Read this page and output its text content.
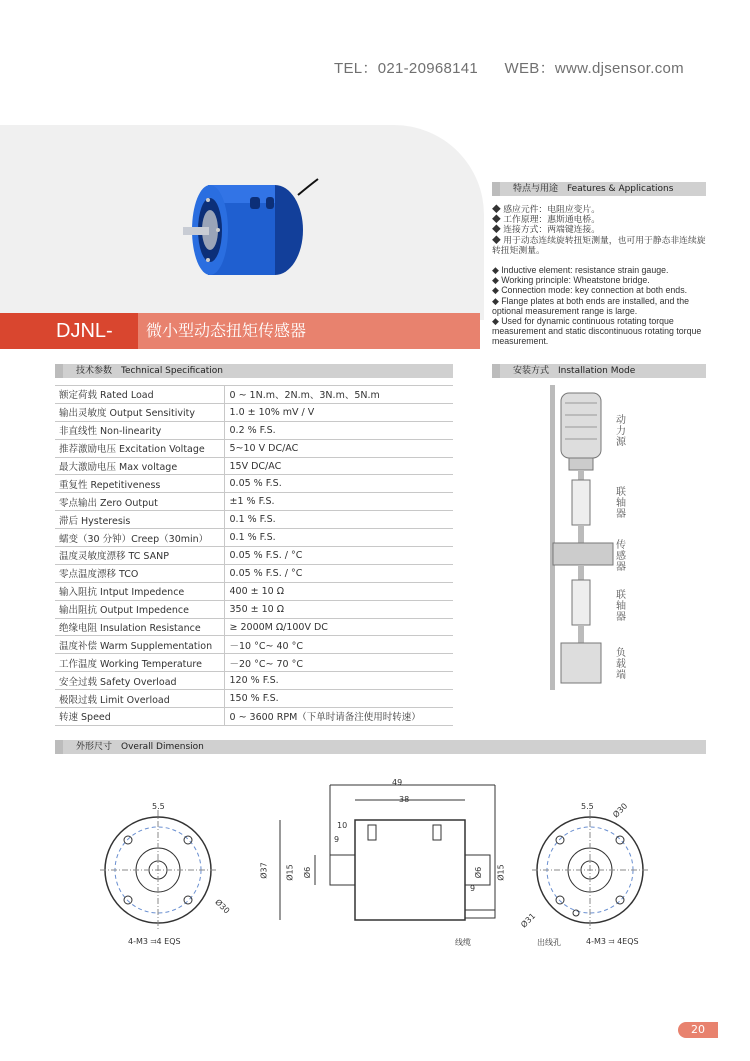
TEL：021-20968141 WEB：www.djsensor.com
DJNL-	微小型动态扭矩传感器
特点与用途　Features & Applications

◆ 感应元件：电阻应变片。

◆ 工作原理：惠斯通电桥。

◆ 连接方式：两端键连接。

◆ 用于动态连续旋转扭矩测量，也可用于静态非连续旋转扭矩测量。

◆ Inductive element: resistance strain gauge.

◆ Working principle: Wheatstone bridge.

◆ Connection mode: key connection at both ends.

◆ Flange plates at both ends are installed, and the optional measurement range is large.

◆ Used for dynamic continuous rotating torque measurement and static discontinuous rotating torque measurement.

技术参数　Technical Specification
额定荷载 Rated Load	0 ~ 1N.m、2N.m、3N.m、5N.m
输出灵敏度 Output Sensitivity	1.0 ± 10% mV / V
非直线性 Non-linearity	0.2 % F.S.
推荐激励电压 Excitation Voltage	5~10 V DC/AC
最大激励电压 Max voltage	15V DC/AC
重复性 Repetitiveness	0.05 % F.S.
零点输出 Zero Output	±1 % F.S.
滞后 Hysteresis	0.1 % F.S.
蠕变（30 分钟）Creep（30min）	0.1 % F.S.
温度灵敏度漂移 TC SANP	0.05 % F.S. / °C
零点温度漂移 TCO	0.05 % F.S. / °C
输入阻抗 Intput Impedence	400 ± 10 Ω
输出阻抗 Output Impedence	350 ± 10 Ω
绝缘电阻 Insulation Resistance	≥ 2000M Ω/100V DC
温度补偿 Warm Supplementation	－10 °C~ 40 °C
工作温度 Working Temperature	－20 °C~ 70 °C
安全过载 Safety Overload	120 % F.S.
极限过载 Limit Overload	150 % F.S.
转速 Speed	0 ~ 3600 RPM（下单时请备注使用时转速）
安装方式　Installation Mode
动力源
联轴器
传感器
联轴器
负载端
外形尺寸　Overall Dimension
49
38
10
9
9
Ø37 Ø15 Ø6	Ø6 Ø15
5.5	5.5
Ø30
Ø30
Ø31
4-M3 ⫤4 EQS	4-M3 ⫤ 4EQS
线缆	出线孔
20
